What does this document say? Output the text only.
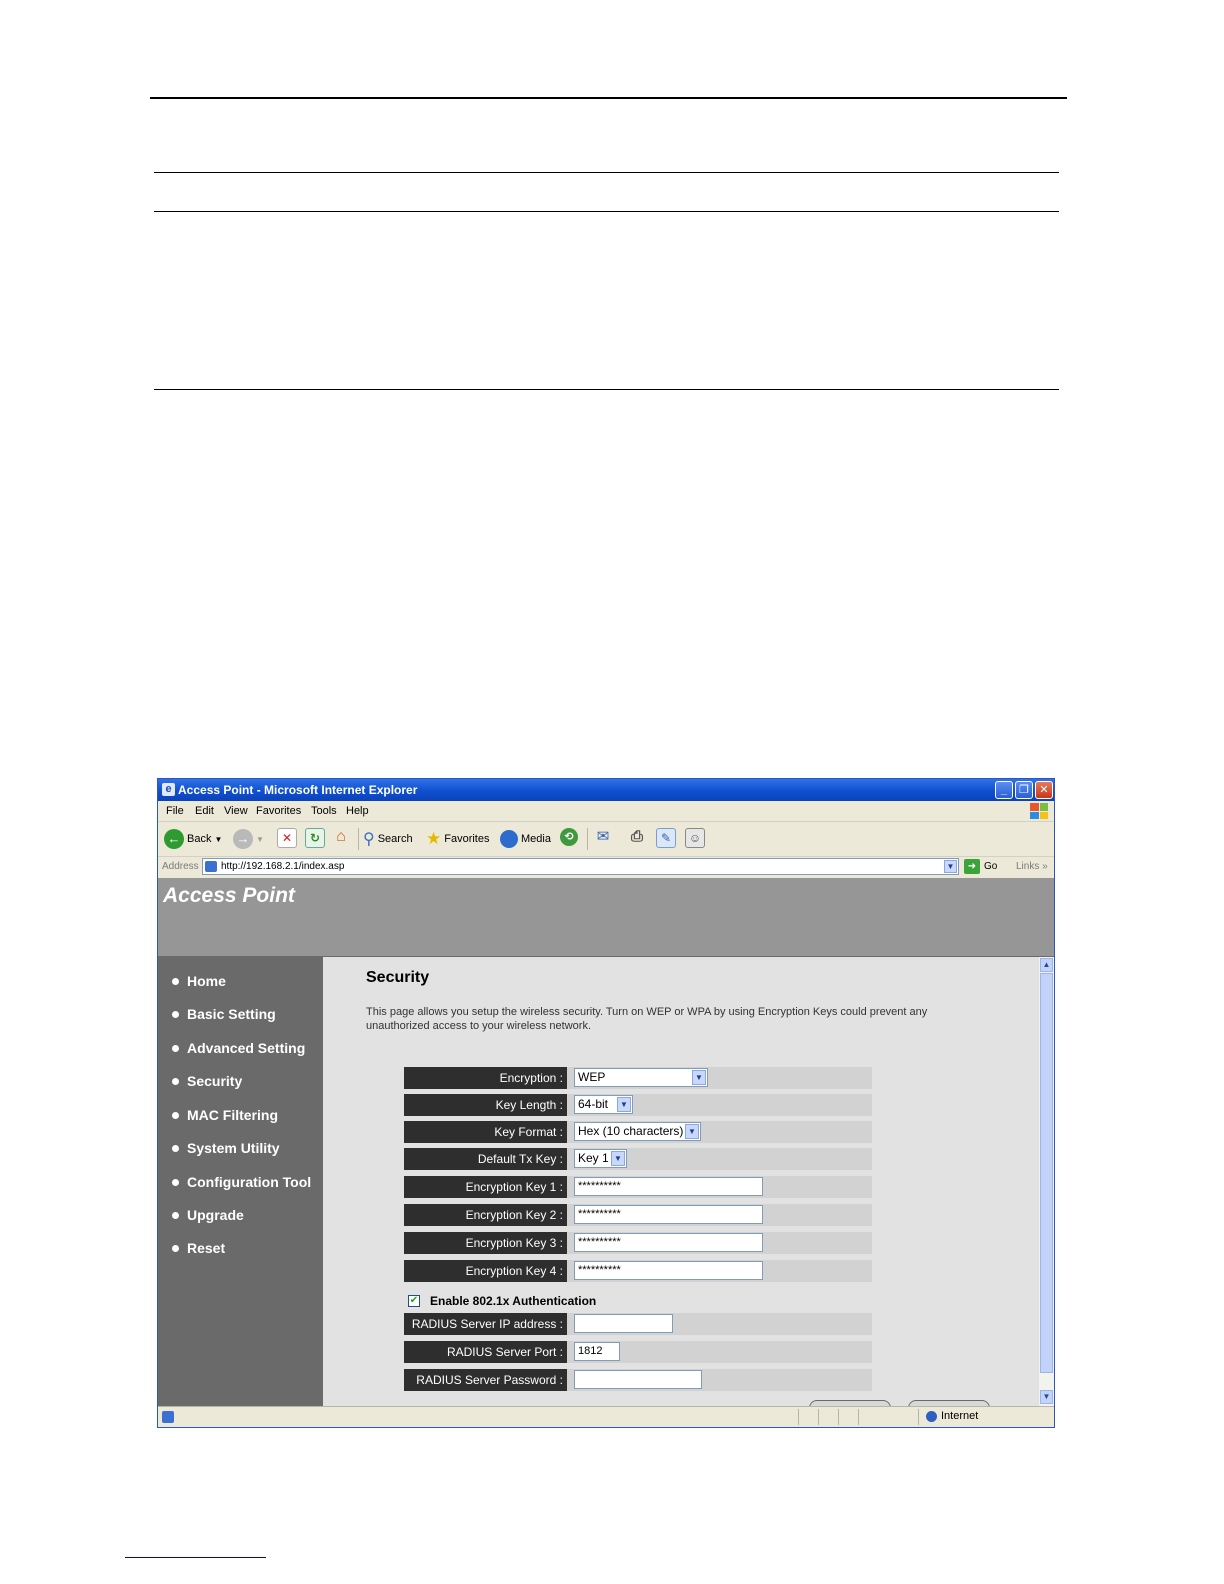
e Access Point - Microsoft Internet Explorer	_	❐ ✕
File Edit View Favorites Tools Help
← Back ▼ → ▼	✕	↻	⌂ ⚲ Search ★ Favorites	Media	⟲ ✉ ⎙	✎	☺
Address http://192.168.2.1/index.asp	▼	➜ Go Links »
Access Point
Home
Basic Setting
Advanced Setting
Security
MAC Filtering
System Utility
Configuration Tool
Upgrade
Reset
Security
This page allows you setup the wireless security. Turn on WEP or WPA by using Encryption Keys could prevent any unauthorized access to your wireless network.
Encryption :	WEP	▼
Key Length :	64-bit	▼
Key Format :	Hex (10 characters) ▼
Default Tx Key :	Key 1 ▼
Encryption Key 1 :	**********
Encryption Key 2 :	**********
Encryption Key 3 :	**********
Encryption Key 4 :	**********
✔ Enable 802.1x Authentication
RADIUS Server IP address :
RADIUS Server Port :	1812
RADIUS Server Password :
▲
▼
Internet
